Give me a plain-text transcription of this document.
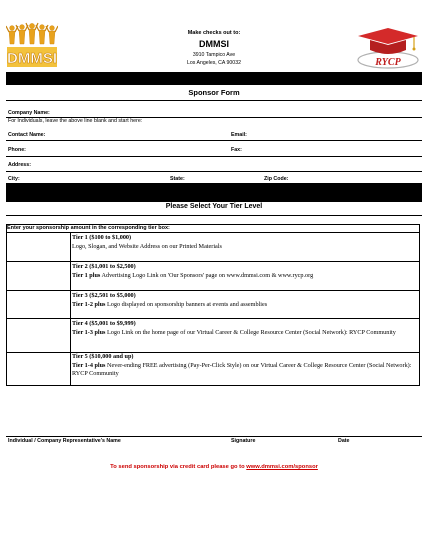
DMMSI	RYCP
Make checks out to:
DMMSI
3910 Tampico Ave
Los Angeles, CA 90032
Sponsor Form
Company Name:
For Individuals, leave the above line blank and start here:
Contact Name:	Email:
Phone:	Fax:
Address:
City:	State:	Zip Code:
Please Select Your Tier Level
Enter your sponsorship amount in the corresponding tier box:
Tier 1 ($100 to $1,000)
Logo, Slogan, and Website Address on our Printed Materials
Tier 2 ($1,001 to $2,500)
Tier 1 plus Advertising Logo Link on 'Our Sponsors' page on www.dmmsi.com & www.rycp.org
Tier 3 ($2,501 to $5,000)
Tier 1-2 plus Logo displayed on sponsorship banners at events and assemblies
Tier 4 ($5,001 to $9,999)
Tier 1-3 plus Logo Link on the home page of our Virtual Career & College Resource Center (Social Network): RYCP Community
Tier 5 ($10,000 and up)
Tier 1-4 plus Never-ending FREE advertising (Pay-Per-Click Style) on our Virtual Career & College Resource Center (Social Network): RYCP Community
Individual / Company Representative's Name	Signature	Date
To send sponsorship via credit card please go to www.dmmsi.com/sponsor
